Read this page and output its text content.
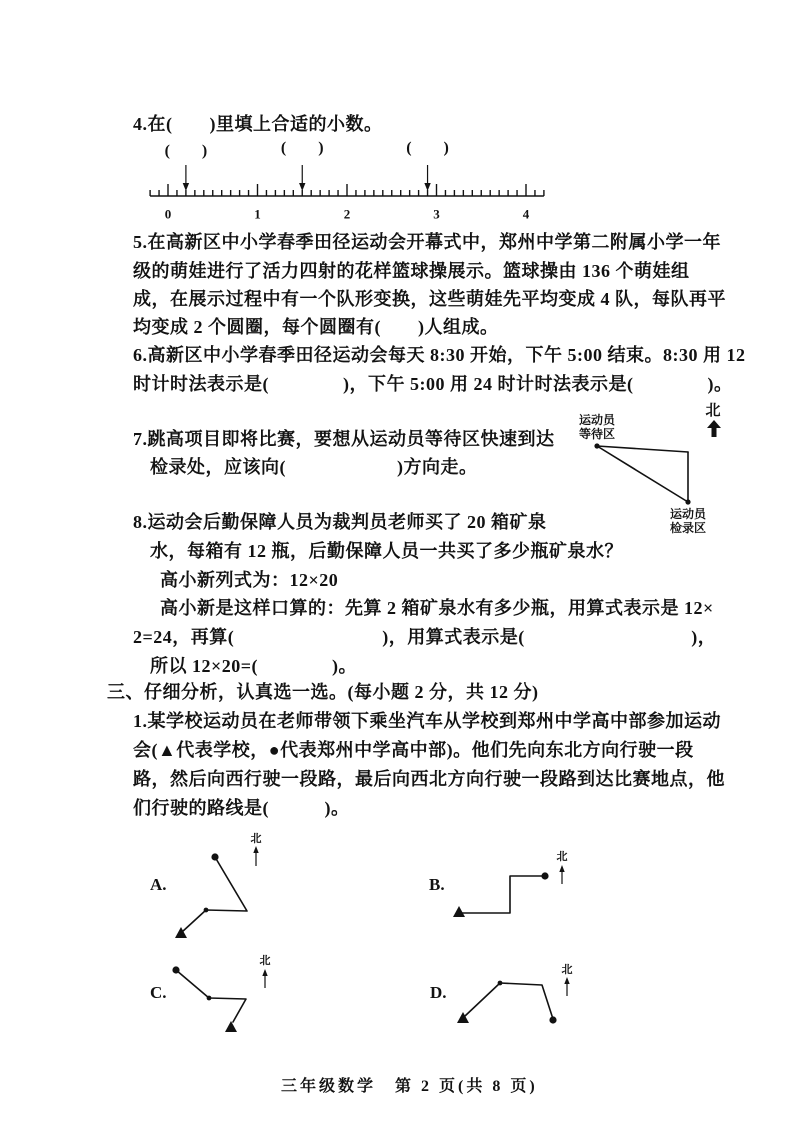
4.在(　　)里填上合适的小数。
5.在高新区中小学春季田径运动会开幕式中，郑州中学第二附属小学一年
级的萌娃进行了活力四射的花样篮球操展示。篮球操由 136 个萌娃组
成，在展示过程中有一个队形变换，这些萌娃先平均变成 4 队，每队再平
均变成 2 个圆圈，每个圆圈有(　　)人组成。
6.高新区中小学春季田径运动会每天 8:30 开始，下午 5:00 结束。8:30 用 12
时计时法表示是(　　　　)，下午 5:00 用 24 时计时法表示是(　　　　)。
7.跳高项目即将比赛，要想从运动员等待区快速到达
检录处，应该向(　　　　　　)方向走。
8.运动会后勤保障人员为裁判员老师买了 20 箱矿泉
水，每箱有 12 瓶，后勤保障人员一共买了多少瓶矿泉水？
高小新列式为：12×20
高小新是这样口算的：先算 2 箱矿泉水有多少瓶，用算式表示是 12×
2=24，再算(　　　　　　　　)，用算式表示是(　　　　　　　　　)，
所以 12×20=(　　　　)。
三、仔细分析，认真选一选。(每小题 2 分，共 12 分)
1.某学校运动员在老师带领下乘坐汽车从学校到郑州中学高中部参加运动
会(▲代表学校，●代表郑州中学高中部)。他们先向东北方向行驶一段
路，然后向西行驶一段路，最后向西北方向行驶一段路到达比赛地点，他
们行驶的路线是(　　　)。
A.	B.
C.	D.
三年级数学　第 2 页(共 8 页)
(　　)	(　　)	(　　)
0	1	2	3	4
运动员
等待区
运动员
检录区
北
北
北
北
北
